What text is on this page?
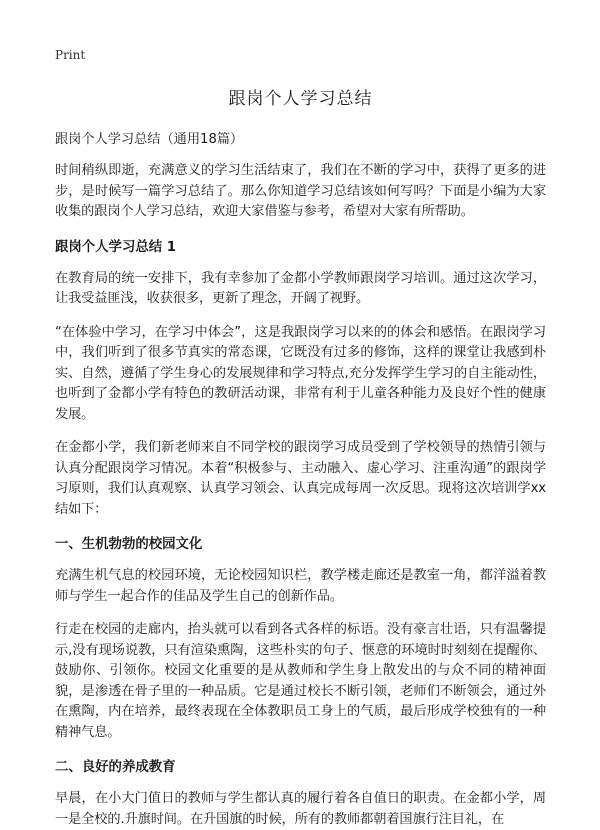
Print
跟岗个人学习总结
跟岗个人学习总结（通用18篇）

时间稍纵即逝，充满意义的学习生活结束了，我们在不断的学习中，获得了更多的进步，是时候写一篇学习总结了。那么你知道学习总结该如何写吗？下面是小编为大家收集的跟岗个人学习总结，欢迎大家借鉴与参考，希望对大家有所帮助。

跟岗个人学习总结 1

在教育局的统一安排下，我有幸参加了金都小学教师跟岗学习培训。通过这次学习，让我受益匪浅，收获很多，更新了理念，开阔了视野。

“在体验中学习，在学习中体会”，这是我跟岗学习以来的的体会和感悟。在跟岗学习中，我们听到了很多节真实的常态课，它既没有过多的修饰，这样的课堂让我感到朴实、自然，遵循了学生身心的发展规律和学习特点,充分发挥学生学习的自主能动性，也听到了金都小学有特色的教研活动课，非常有利于儿童各种能力及良好个性的健康发展。

在金都小学，我们新老师来自不同学校的跟岗学习成员受到了学校领导的热情引领与认真分配跟岗学习情况。本着“积极参与、主动融入、虚心学习、注重沟通”的跟岗学习原则，我们认真观察、认真学习领会、认真完成每周一次反思。现将这次培训学xx结如下：

一、生机勃勃的校园文化

充满生机气息的校园环境，无论校园知识栏，教学楼走廊还是教室一角，都洋溢着教师与学生一起合作的佳品及学生自己的创新作品。

行走在校园的走廊内，抬头就可以看到各式各样的标语。没有豪言壮语，只有温馨提示,没有现场说教，只有渲染熏陶，这些朴实的句子、惬意的环境时时刻刻在提醒你、鼓励你、引领你。校园文化重要的是从教师和学生身上散发出的与众不同的精神面貌，是渗透在骨子里的一种品质。它是通过校长不断引领，老师们不断领会，通过外在熏陶，内在培养，最终表现在全体教职员工身上的气质，最后形成学校独有的一种精神气息。

二、良好的养成教育

早晨，在小大门值日的教师与学生都认真的履行着各自值日的职责。在金都小学，周一是全校的.升旗时间。在升国旗的时候，所有的教师都朝着国旗行注目礼，在
